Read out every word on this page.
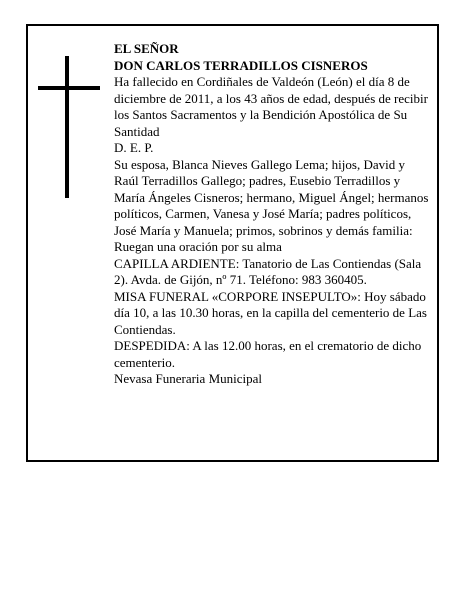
EL SEÑOR

DON CARLOS TERRADILLOS CISNEROS

Ha fallecido en Cordiñales de Valdeón (León) el día 8 de diciembre de 2011, a los 43 años de edad, después de recibir los Santos Sacramentos y la Bendición Apostólica de Su Santidad

D. E. P.

Su esposa, Blanca Nieves Gallego Lema; hijos, David y Raúl Terradillos Gallego; padres, Eusebio Terradillos y María Ángeles Cisneros; hermano, Miguel Ángel; hermanos políticos, Carmen, Vanesa y José María; padres políticos, José María y Manuela; primos, sobrinos y demás familia:

Ruegan una oración por su alma

CAPILLA ARDIENTE: Tanatorio de Las Contiendas (Sala 2). Avda. de Gijón, nº 71. Teléfono: 983 360405.

MISA FUNERAL «CORPORE INSEPULTO»: Hoy sábado día 10, a las 10.30 horas, en la capilla del cementerio de Las Contiendas.

DESPEDIDA: A las 12.00 horas, en el crematorio de dicho cementerio.

Nevasa Funeraria Municipal
